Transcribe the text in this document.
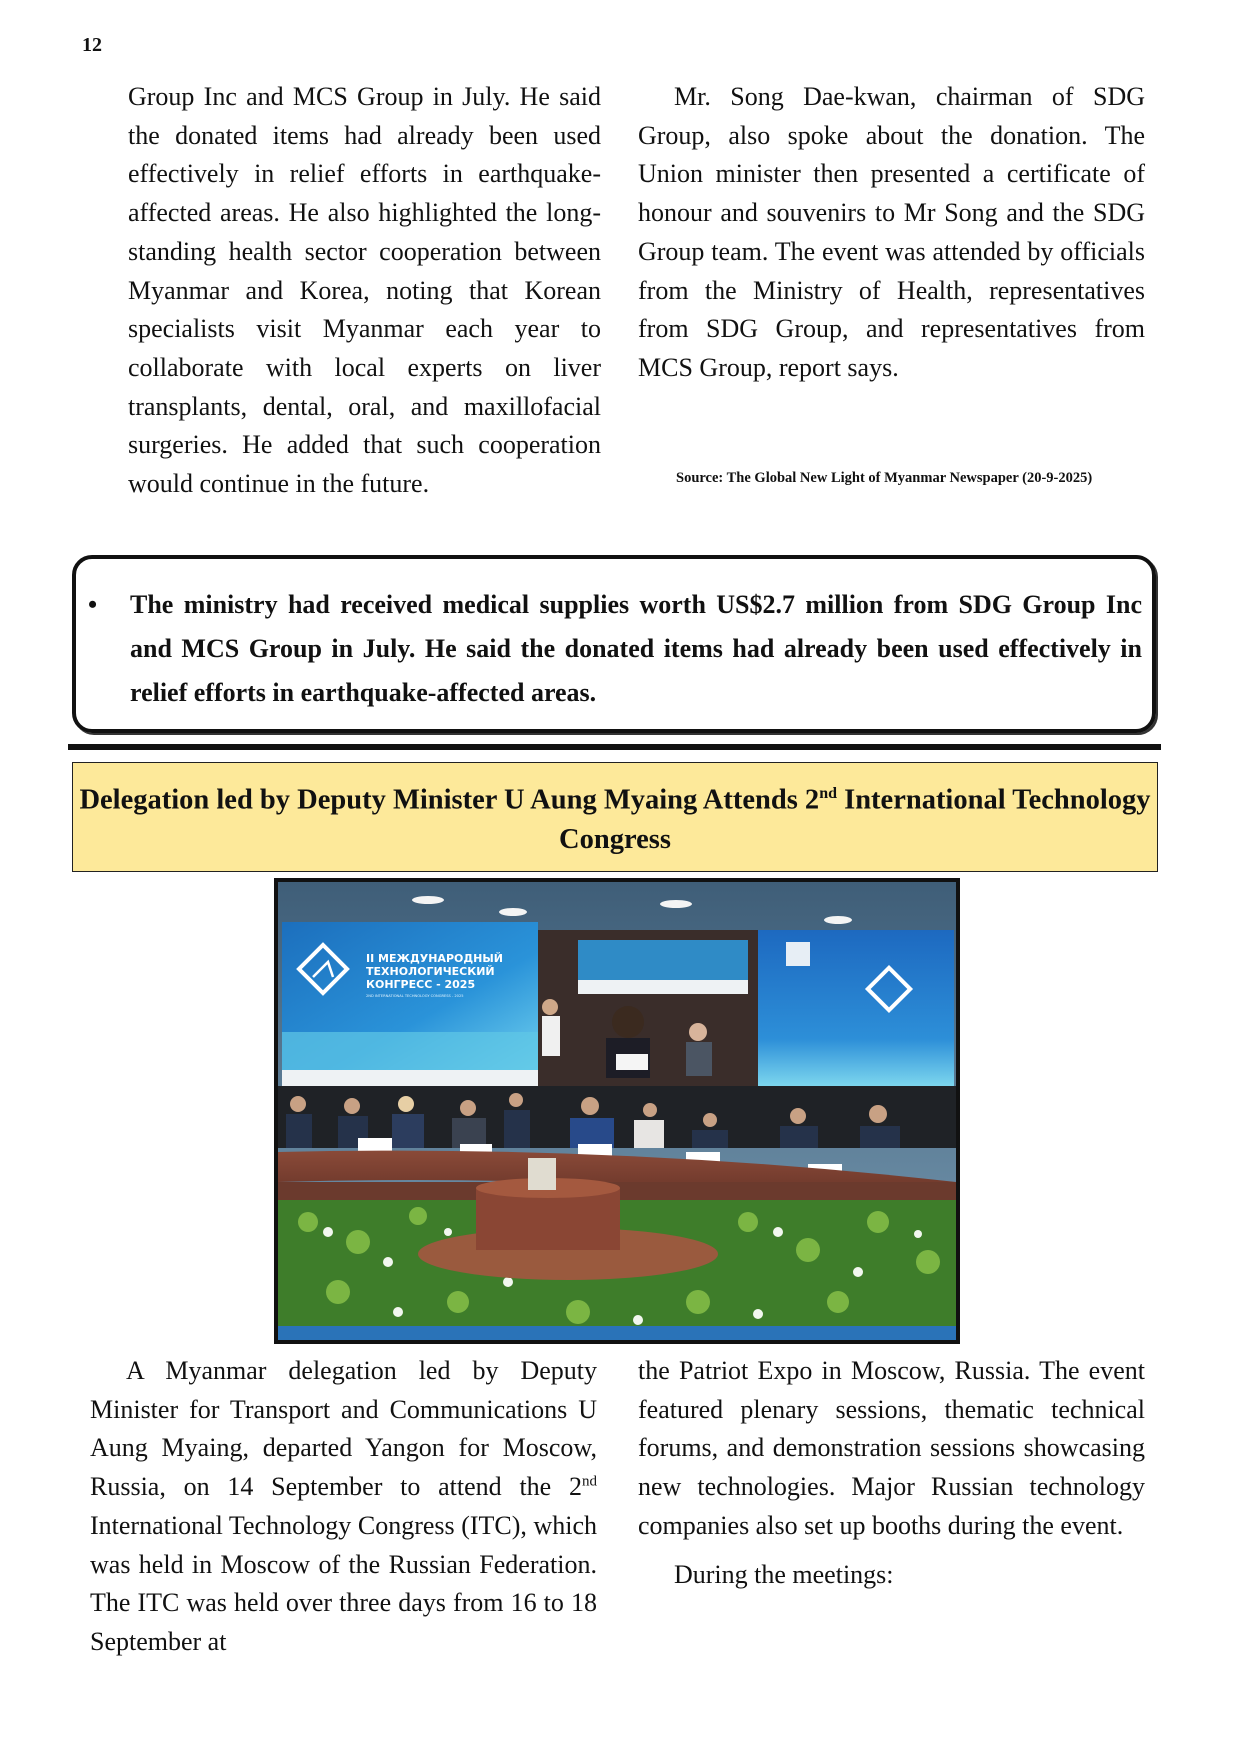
12

Group Inc and MCS Group in July. He said the donated items had already been used effectively in relief efforts in earthquake-affected areas. He also highlighted the long-standing health sector cooperation between Myanmar and Korea, noting that Korean specialists visit Myanmar each year to collaborate with local experts on liver transplants, dental, oral, and maxillofacial surgeries. He added that such cooperation would continue in the future.

Mr. Song Dae-kwan, chairman of SDG Group, also spoke about the donation. The Union minister then presented a certificate of honour and souvenirs to Mr Song and the SDG Group team. The event was attended by officials from the Ministry of Health, representatives from SDG Group, and representatives from MCS Group, report says.

Source: The Global New Light of Myanmar Newspaper (20-9-2025)
• The ministry had received medical supplies worth US$2.7 million from SDG Group Inc and MCS Group in July. He said the donated items had already been used effectively in relief efforts in earthquake-affected areas.
Delegation led by Deputy Minister U Aung Myaing Attends 2nd International Technology Congress
II МЕЖДУНАРОДНЫЙ
ТЕХНОЛОГИЧЕСКИЙ
КОНГРЕСС - 2025
2ND INTERNATIONAL TECHNOLOGY CONGRESS - 2025

A Myanmar delegation led by Deputy Minister for Transport and Communications U Aung Myaing, departed Yangon for Moscow, Russia, on 14 September to attend the 2nd International Technology Congress (ITC), which was held in Moscow of the Russian Federation. The ITC was held over three days from 16 to 18 September at

the Patriot Expo in Moscow, Russia. The event featured plenary sessions, thematic technical forums, and demonstration sessions showcasing new technologies. Major Russian technology companies also set up booths during the event.

During the meetings:
